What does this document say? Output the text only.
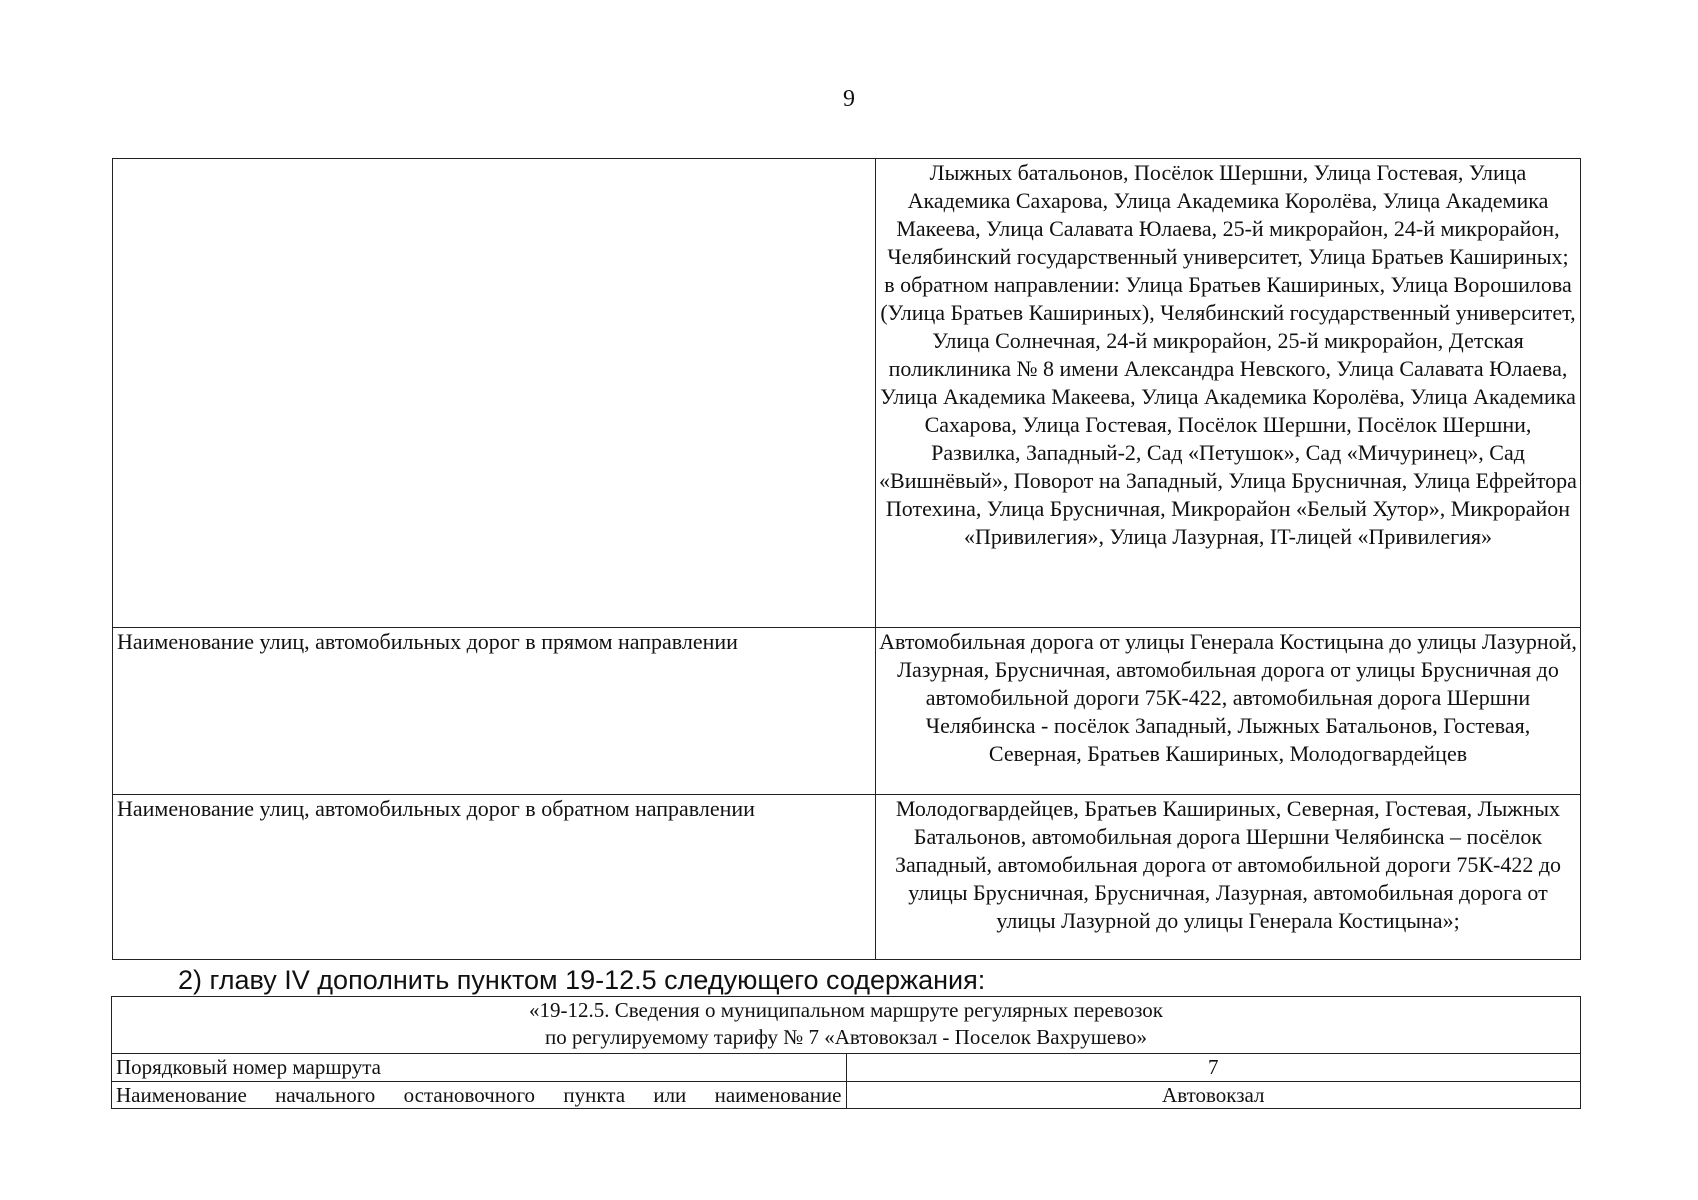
9

	Лыжных батальонов, Посёлок Шершни, Улица Гостевая, Улица Академика Сахарова, Улица Академика Королёва, Улица Академика Макеева, Улица Салавата Юлаева, 25-й микрорайон, 24-й микрорайон, Челябинский государственный университет, Улица Братьев Кашириных;
в обратном направлении: Улица Братьев Кашириных, Улица Ворошилова (Улица Братьев Кашириных), Челябинский государственный университет, Улица Солнечная, 24-й микрорайон, 25-й микрорайон, Детская поликлиника № 8 имени Александра Невского, Улица Салавата Юлаева, Улица Академика Макеева, Улица Академика Королёва, Улица Академика Сахарова, Улица Гостевая, Посёлок Шершни, Посёлок Шершни, Развилка, Западный-2, Сад «Петушок», Сад «Мичуринец», Сад «Вишнёвый», Поворот на Западный, Улица Брусничная, Улица Ефрейтора Потехина, Улица Брусничная, Микрорайон «Белый Хутор», Микрорайон «Привилегия», Улица Лазурная, IT-лицей «Привилегия»

Наименование улиц, автомобильных дорог в прямом направлении	Автомобильная дорога от улицы Генерала Костицына до улицы Лазурной, Лазурная, Брусничная, автомобильная дорога от улицы Брусничная до автомобильной дороги 75К-422, автомобильная дорога Шершни Челябинска - посёлок Западный, Лыжных Батальонов, Гостевая, Северная, Братьев Кашириных, Молодогвардейцев
Наименование улиц, автомобильных дорог в обратном направлении	Молодогвардейцев, Братьев Кашириных, Северная, Гостевая, Лыжных Батальонов, автомобильная дорога Шершни Челябинска – посёлок Западный, автомобильная дорога от автомобильной дороги 75К-422 до улицы Брусничная, Брусничная, Лазурная, автомобильная дорога от улицы Лазурной до улицы Генерала Костицына»;
2) главу IV дополнить пунктом 19-12.5 следующего содержания:
«19-12.5. Сведения о муниципальном маршруте регулярных перевозок
по регулируемому тарифу № 7 «Автовокзал - Поселок Вахрушево»	

Порядковый номер маршрута	7
Наименование начального остановочного пункта или наименование	Автовокзал
